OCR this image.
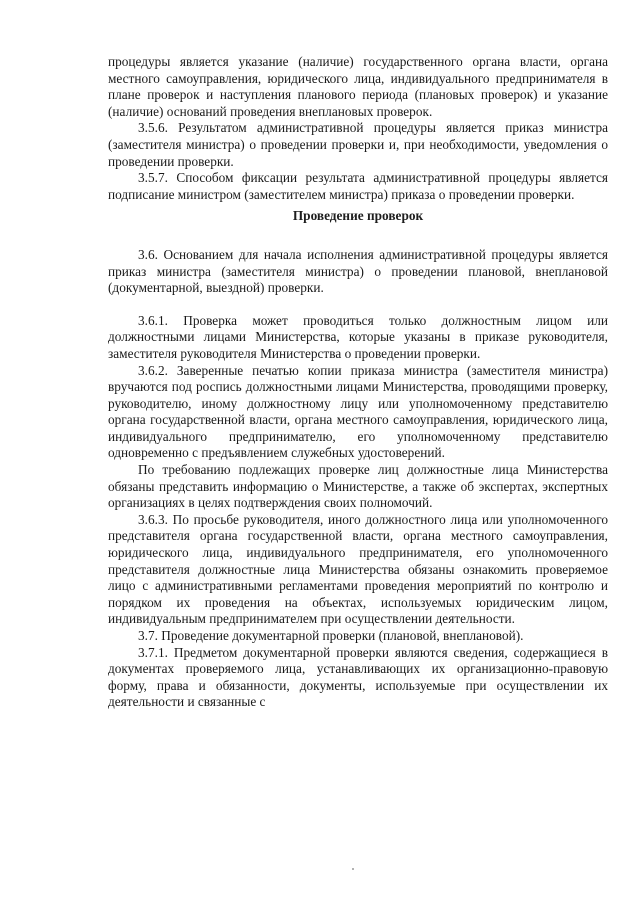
процедуры является указание (наличие) государственного органа власти, органа местного самоуправления, юридического лица, индивидуального предпринимателя в плане проверок и наступления планового периода (плановых проверок) и указание (наличие) оснований проведения внеплановых проверок.

3.5.6. Результатом административной процедуры является приказ министра (заместителя министра) о проведении проверки и, при необходимости, уведомления о проведении проверки.

3.5.7. Способом фиксации результата административной процедуры является подписание министром (заместителем министра) приказа о проведении проверки.

Проведение проверок

3.6. Основанием для начала исполнения административной процедуры является приказ министра (заместителя министра) о проведении плановой, внеплановой (документарной, выездной) проверки.

3.6.1. Проверка может проводиться только должностным лицом или должностными лицами Министерства, которые указаны в приказе руководителя, заместителя руководителя Министерства о проведении проверки.

3.6.2. Заверенные печатью копии приказа министра (заместителя министра) вручаются под роспись должностными лицами Министерства, проводящими проверку, руководителю, иному должностному лицу или уполномоченному представителю органа государственной власти, органа местного самоуправления, юридического лица, индивидуального предпринимателю, его уполномоченному представителю одновременно с предъявлением служебных удостоверений.

По требованию подлежащих проверке лиц должностные лица Министерства обязаны представить информацию о Министерстве, а также об экспертах, экспертных организациях в целях подтверждения своих полномочий.

3.6.3. По просьбе руководителя, иного должностного лица или уполномоченного представителя органа государственной власти, органа местного самоуправления, юридического лица, индивидуального предпринимателя, его уполномоченного представителя должностные лица Министерства обязаны ознакомить проверяемое лицо с административными регламентами проведения мероприятий по контролю и порядком их проведения на объектах, используемых юридическим лицом, индивидуальным предпринимателем при осуществлении деятельности.

3.7. Проведение документарной проверки (плановой, внеплановой).

3.7.1. Предметом документарной проверки являются сведения, содержащиеся в документах проверяемого лица, устанавливающих их организационно-правовую форму, права и обязанности, документы, используемые при осуществлении их деятельности и связанные с
